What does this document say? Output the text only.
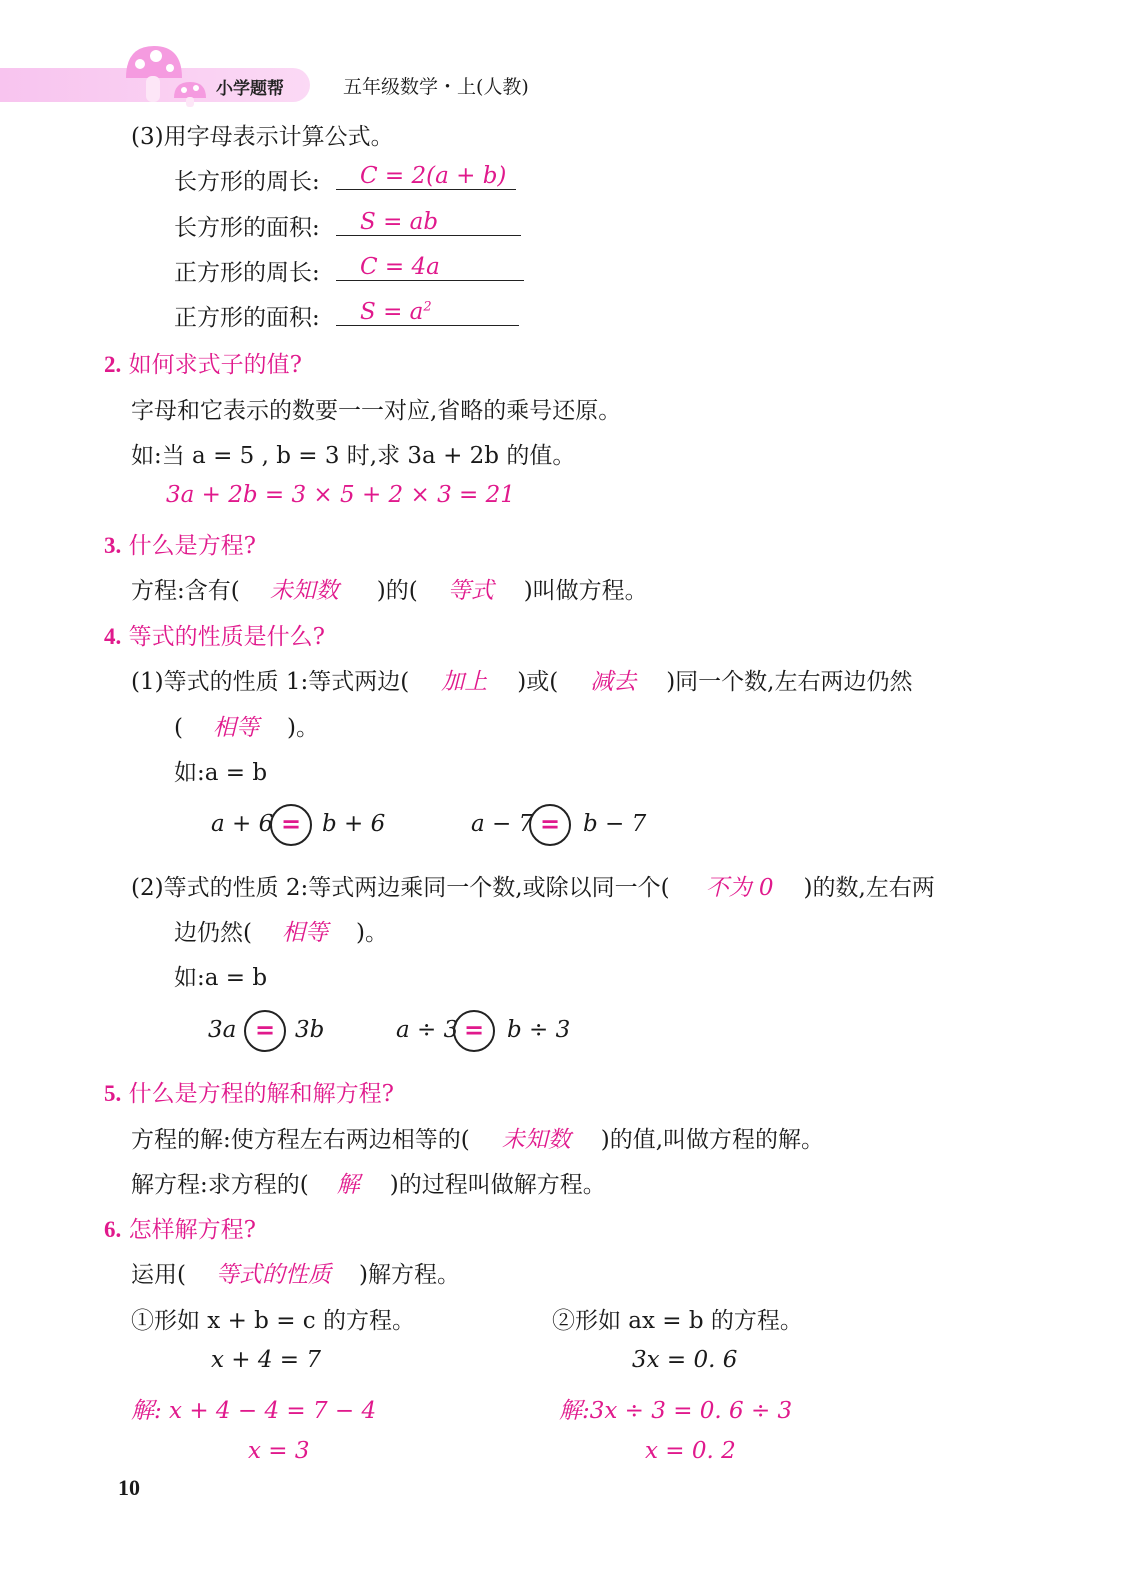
小学题帮	五年级数学・上(人教)
(3)用字母表示计算公式。
长方形的周长: C = 2(a + b)
长方形的面积: S = ab
正方形的周长: C = 4a
正方形的面积: $S = a^2$
2. 如何求式子的值?
字母和它表示的数要一一对应,省略的乘号还原。
如:当 a = 5 , b = 3 时,求 3a + 2b 的值。
3a + 2b = 3 × 5 + 2 × 3 = 21
3. 什么是方程?
方程:含有( 未知数 )的( 等式 )叫做方程。
4. 等式的性质是什么?
(1)等式的性质 1:等式两边( 加上 )或( 减去 )同一个数,左右两边仍然
( 相等 )。
如:a = b
a + 6 = b + 6	a − 7 = b − 7
(2)等式的性质 2:等式两边乘同一个数,或除以同一个( 不为 0 )的数,左右两
边仍然( 相等 )。
如:a = b
3a = 3b	a ÷ 3 = b ÷ 3
5. 什么是方程的解和解方程?
方程的解:使方程左右两边相等的( 未知数 )的值,叫做方程的解。
解方程:求方程的( 解 )的过程叫做解方程。
6. 怎样解方程?
运用( 等式的性质 )解方程。
①形如 x + b = c 的方程。
x + 4 = 7
解: x + 4 − 4 = 7 − 4
x = 3
②形如 ax = b 的方程。
3x = 0. 6
解:3x ÷ 3 = 0. 6 ÷ 3
x = 0. 2
10
